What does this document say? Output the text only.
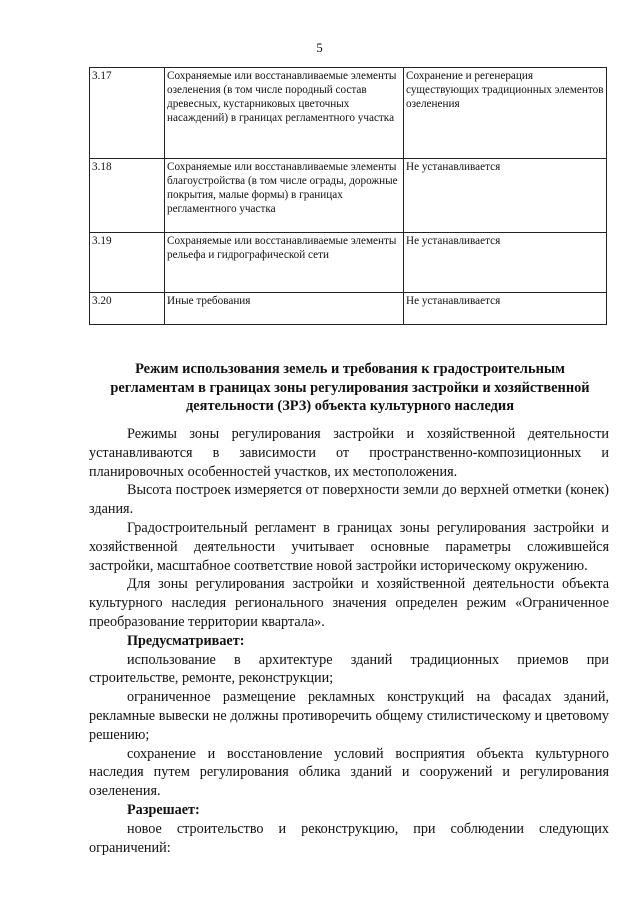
5
3.17	Сохраняемые или восстанавливаемые элементы озеленения (в том числе породный состав древесных, кустарниковых цветочных насаждений) в границах регламентного участка	Сохранение и регенерация существующих традиционных элементов озеленения
3.18	Сохраняемые или восстанавливаемые элементы благоустройства (в том числе ограды, дорожные покрытия, малые формы) в границах регламентного участка	Не устанавливается
3.19	Сохраняемые или восстанавливаемые элементы рельефа и гидрографической сети	Не устанавливается
3.20	Иные требования	Не устанавливается
Режим использования земель и требования к градостроительным регламентам в границах зоны регулирования застройки и хозяйственной деятельности (ЗРЗ) объекта культурного наследия

Режимы зоны регулирования застройки и хозяйственной деятельности устанавливаются в зависимости от пространственно-композиционных и планировочных особенностей участков, их местоположения.

Высота построек измеряется от поверхности земли до верхней отметки (конек) здания.

Градостроительный регламент в границах зоны регулирования застройки и хозяйственной деятельности учитывает основные параметры сложившейся застройки, масштабное соответствие новой застройки историческому окружению.

Для зоны регулирования застройки и хозяйственной деятельности объекта культурного наследия регионального значения определен режим «Ограниченное преобразование территории квартала».

Предусматривает:

использование в архитектуре зданий традиционных приемов при строительстве, ремонте, реконструкции;

ограниченное размещение рекламных конструкций на фасадах зданий, рекламные вывески не должны противоречить общему стилистическому и цветовому решению;

сохранение и восстановление условий восприятия объекта культурного наследия путем регулирования облика зданий и сооружений и регулирования озеленения.

Разрешает:

новое строительство и реконструкцию, при соблюдении следующих ограничений:
